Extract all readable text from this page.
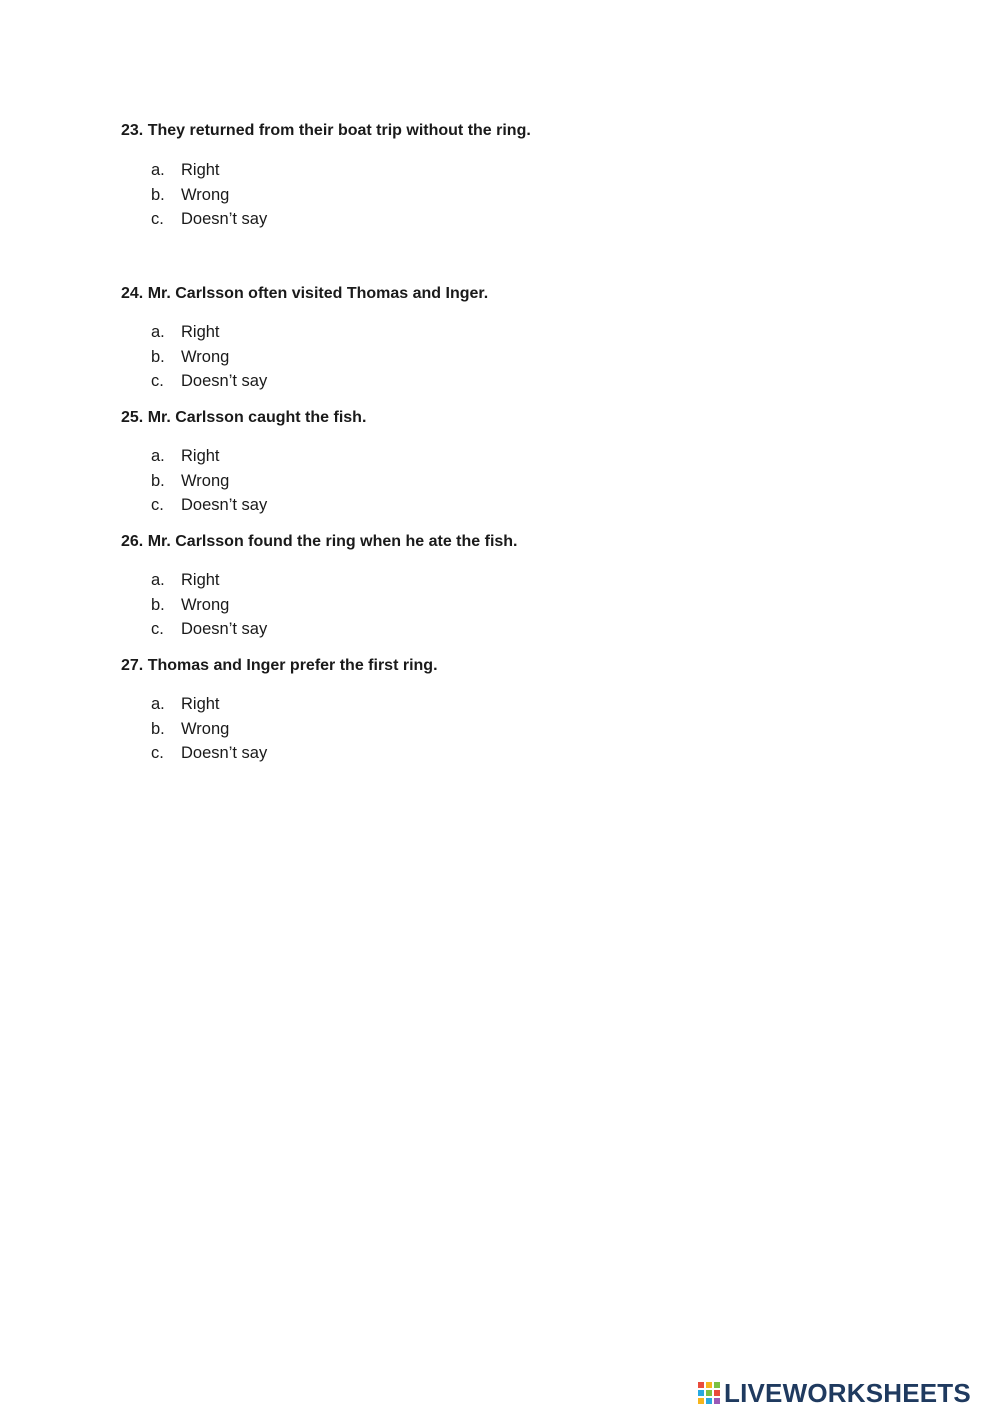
23. They returned from their boat trip without the ring.

a. Right
b. Wrong
c. Doesn’t say

24. Mr. Carlsson often visited Thomas and Inger.

a. Right
b. Wrong
c. Doesn’t say

25. Mr. Carlsson caught the fish.

a. Right
b. Wrong
c. Doesn’t say

26. Mr. Carlsson found the ring when he ate the fish.

a. Right
b. Wrong
c. Doesn’t say

27. Thomas and Inger prefer the first ring.

a. Right
b. Wrong
c. Doesn’t say
LIVEWORKSHEETS
